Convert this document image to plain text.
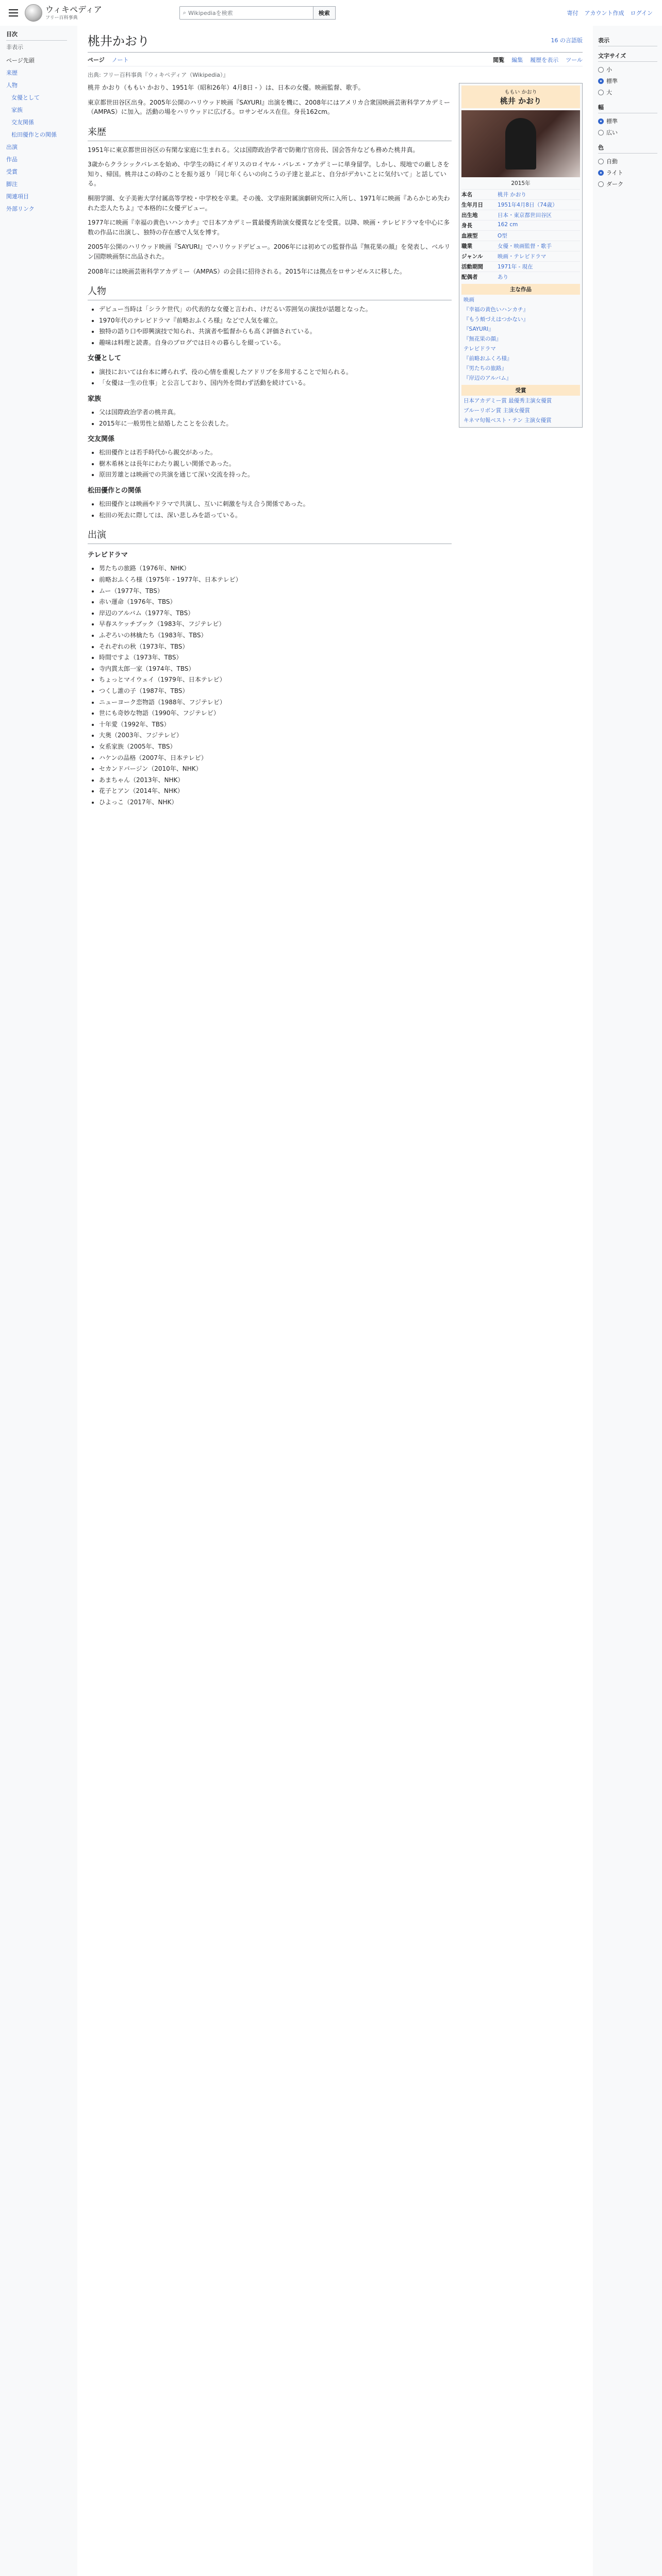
ウィキペディア
フリー百科事典
⌕ Wikipediaを検索	検索	寄付 アカウント作成 ログイン
目次
非表示
ページ先頭
来歴
人物
女優として
家族
交友関係
松田優作との関係
出演
作品
受賞
脚注
関連項目
外部リンク
桃井かおり	16 の言語版
ページ ノート	閲覧 編集 履歴を表示 ツール
出典: フリー百科事典『ウィキペディア（Wikipedia）』

桃井 かおり（ももい かおり、1951年（昭和26年）4月8日 - ）は、日本の女優。映画監督、歌手。

東京都世田谷区出身。2005年公開のハリウッド映画『SAYURI』出演を機に、2008年にはアメリカ合衆国映画芸術科学アカデミー（AMPAS）に加入。活動の場をハリウッドに広げる。ロサンゼルス在住。身長162cm。

来歴

1951年に東京都世田谷区の有閑な家庭に生まれる。父は国際政治学者で防衛庁官房長、国会答弁なども務めた桃井真。

3歳からクラシックバレエを始め、中学生の時にイギリスのロイヤル・バレエ・アカデミーに単身留学。しかし、現地での厳しさを知り、帰国。桃井はこの時のことを振り返り「同じ年くらいの向こうの子達と並ぶと、自分がデカいことに気付いて」と話している。

桐朋学園、女子美術大学付属高等学校・中学校を卒業。その後、文学座附属演劇研究所に入所し、1971年に映画『あらかじめ失われた恋人たちよ』で本格的に女優デビュー。

1977年に映画『幸福の黄色いハンカチ』で日本アカデミー賞最優秀助演女優賞などを受賞。以降、映画・テレビドラマを中心に多数の作品に出演し、独特の存在感で人気を博す。

2005年公開のハリウッド映画『SAYURI』でハリウッドデビュー。2006年には初めての監督作品『無花果の顔』を発表し、ベルリン国際映画祭に出品された。

2008年には映画芸術科学アカデミー（AMPAS）の会員に招待される。2015年には拠点をロサンゼルスに移した。

人物
• デビュー当時は「シラケ世代」の代表的な女優と言われ、けだるい雰囲気の演技が話題となった。
• 1970年代のテレビドラマ『前略おふくろ様』などで人気を確立。
• 独特の語り口や即興演技で知られ、共演者や監督からも高く評価されている。
• 趣味は料理と読書。自身のブログでは日々の暮らしを綴っている。
女優として
• 演技においては台本に縛られず、役の心情を重視したアドリブを多用することで知られる。
• 「女優は一生の仕事」と公言しており、国内外を問わず活動を続けている。
家族
• 父は国際政治学者の桃井真。
• 2015年に一般男性と結婚したことを公表した。
交友関係
• 松田優作とは若手時代から親交があった。
• 樹木希林とは長年にわたり親しい関係であった。
• 原田芳雄とは映画での共演を通じて深い交流を持った。
松田優作との関係
• 松田優作とは映画やドラマで共演し、互いに刺激を与え合う関係であった。
• 松田の死去に際しては、深い悲しみを語っている。
出演
テレビドラマ
• 男たちの旅路（1976年、NHK）
• 前略おふくろ様（1975年 - 1977年、日本テレビ）
• ムー（1977年、TBS）
• 赤い運命（1976年、TBS）
• 岸辺のアルバム（1977年、TBS）
• 早春スケッチブック（1983年、フジテレビ）
• ふぞろいの林檎たち（1983年、TBS）
• それぞれの秋（1973年、TBS）
• 時間ですよ（1973年、TBS）
• 寺内貫太郎一家（1974年、TBS）
• ちょっとマイウェイ（1979年、日本テレビ）
• つくし誰の子（1987年、TBS）
• ニューヨーク恋物語（1988年、フジテレビ）
• 世にも奇妙な物語（1990年、フジテレビ）
• 十年愛（1992年、TBS）
• 大奥（2003年、フジテレビ）
• 女系家族（2005年、TBS）
• ハケンの品格（2007年、日本テレビ）
• セカンドバージン（2010年、NHK）
• あまちゃん（2013年、NHK）
• 花子とアン（2014年、NHK）
• ひよっこ（2017年、NHK）
ももい かおり
桃井 かおり
2015年
本名	桃井 かおり
生年月日	1951年4月8日（74歳）
出生地	日本・東京都世田谷区
身長	162 cm
血液型	O型
職業	女優・映画監督・歌手
ジャンル	映画・テレビドラマ
活動期間	1971年 - 現在
配偶者	あり
主な作品
映画
『幸福の黄色いハンカチ』
『もう頬づえはつかない』
『SAYURI』
『無花果の顔』
テレビドラマ
『前略おふくろ様』
『男たちの旅路』
『岸辺のアルバム』
受賞
日本アカデミー賞 最優秀主演女優賞
ブルーリボン賞 主演女優賞
キネマ旬報ベスト・テン 主演女優賞
表示
文字サイズ
小
標準
大
幅
標準
広い
色
自動
ライト
ダーク
